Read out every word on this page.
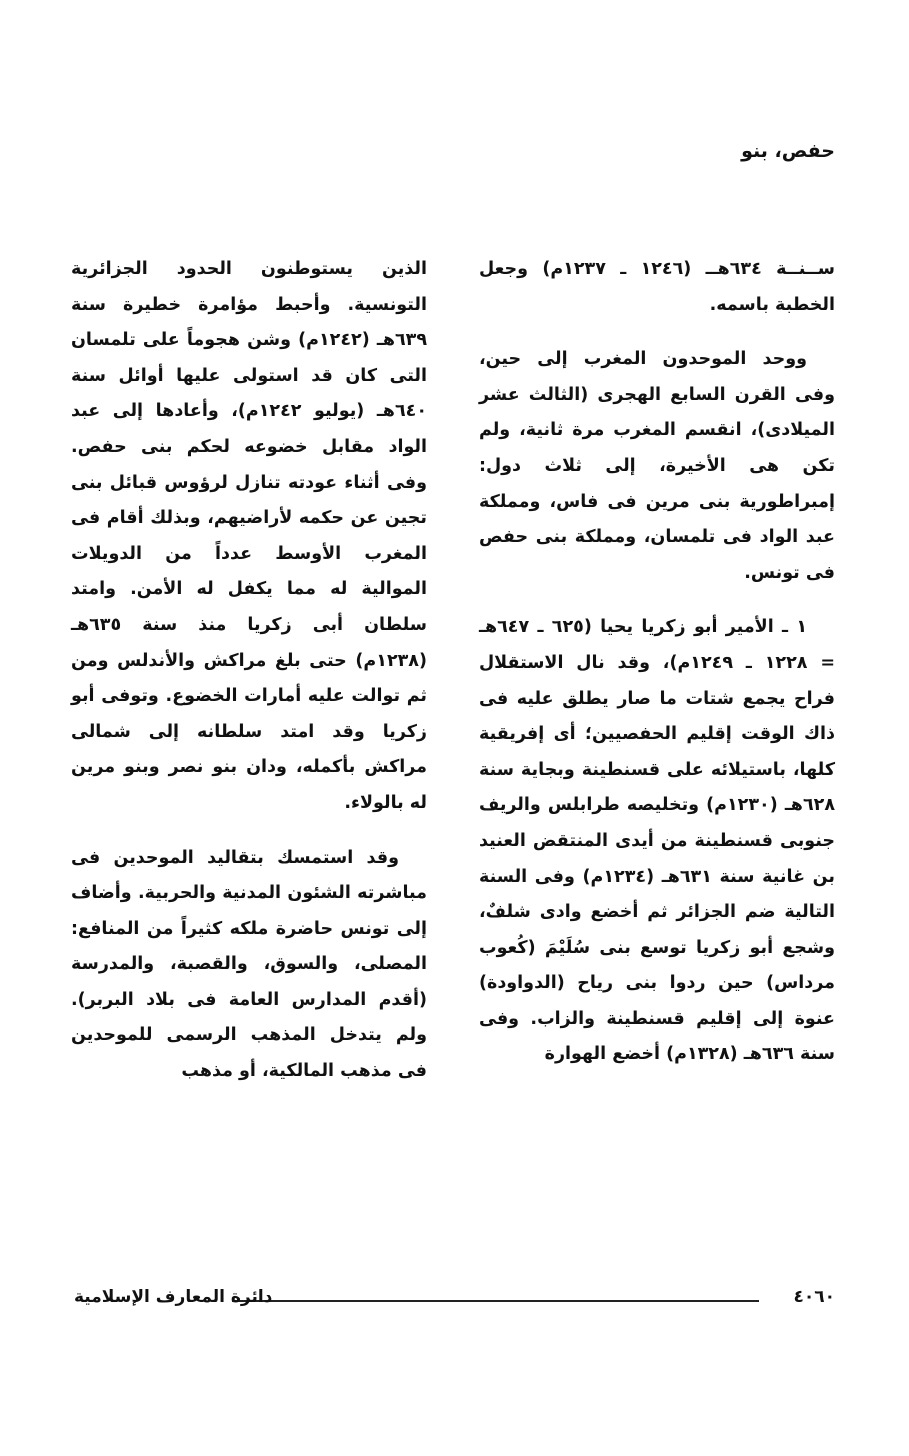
حفص، بنو

ســنــة ٦٣٤هــ (١٢٤٦ ـ ١٢٣٧م) وجعل الخطبة باسمه.

ووحد الموحدون المغرب إلى حين، وفى القرن السابع الهجرى (الثالث عشر الميلادى)، انقسم المغرب مرة ثانية، ولم تكن هى الأخيرة، إلى ثلاث دول: إمبراطورية بنى مرين فى فاس، ومملكة عبد الواد فى تلمسان، ومملكة بنى حفص فى تونس.

١ ـ الأمير أبو زكريا يحيا (٦٢٥ ـ ٦٤٧هـ = ١٢٢٨ ـ ١٢٤٩م)، وقد نال الاستقلال فراح يجمع شتات ما صار يطلق عليه فى ذاك الوقت إقليم الحفصيين؛ أى إفريقية كلها، باستيلائه على قسنطينة وبجاية سنة ٦٢٨هـ (١٢٣٠م) وتخليصه طرابلس والريف جنوبى قسنطينة من أيدى المنتقض العنيد بن غانية سنة ٦٣١هـ (١٢٣٤م) وفى السنة التالية ضم الجزائر ثم أخضع وادى شلفٌ، وشجع أبو زكريا توسع بنى سُلَيْمَ (كُعوب مرداس) حين ردوا بنى رياح (الدواودة) عنوة إلى إقليم قسنطينة والزاب. وفى سنة ٦٣٦هـ (١٣٢٨م) أخضع الهوارة

الذين يستوطنون الحدود الجزائرية التونسية. وأحبط مؤامرة خطيرة سنة ٦٣٩هـ (١٢٤٢م) وشن هجوماً على تلمسان التى كان قد استولى عليها أوائل سنة ٦٤٠هـ (يوليو ١٢٤٢م)، وأعادها إلى عبد الواد مقابل خضوعه لحكم بنى حفص. وفى أثناء عودته تنازل لرؤوس قبائل بنى تجين عن حكمه لأراضيهم، وبذلك أقام فى المغرب الأوسط عدداً من الدويلات الموالية له مما يكفل له الأمن. وامتد سلطان أبى زكريا منذ سنة ٦٣٥هـ (١٢٣٨م) حتى بلغ مراكش والأندلس ومن ثم توالت عليه أمارات الخضوع. وتوفى أبو زكريا وقد امتد سلطانه إلى شمالى مراكش بأكمله، ودان بنو نصر وبنو مرين له بالولاء.

وقد استمسك بتقاليد الموحدين فى مباشرته الشئون المدنية والحربية. وأضاف إلى تونس حاضرة ملكه كثيراً من المنافع: المصلى، والسوق، والقصبة، والمدرسة (أقدم المدارس العامة فى بلاد البربر). ولم يتدخل المذهب الرسمى للموحدين فى مذهب المالكية، أو مذهب

٤٠٦٠
دائرة المعارف الإسلامية
